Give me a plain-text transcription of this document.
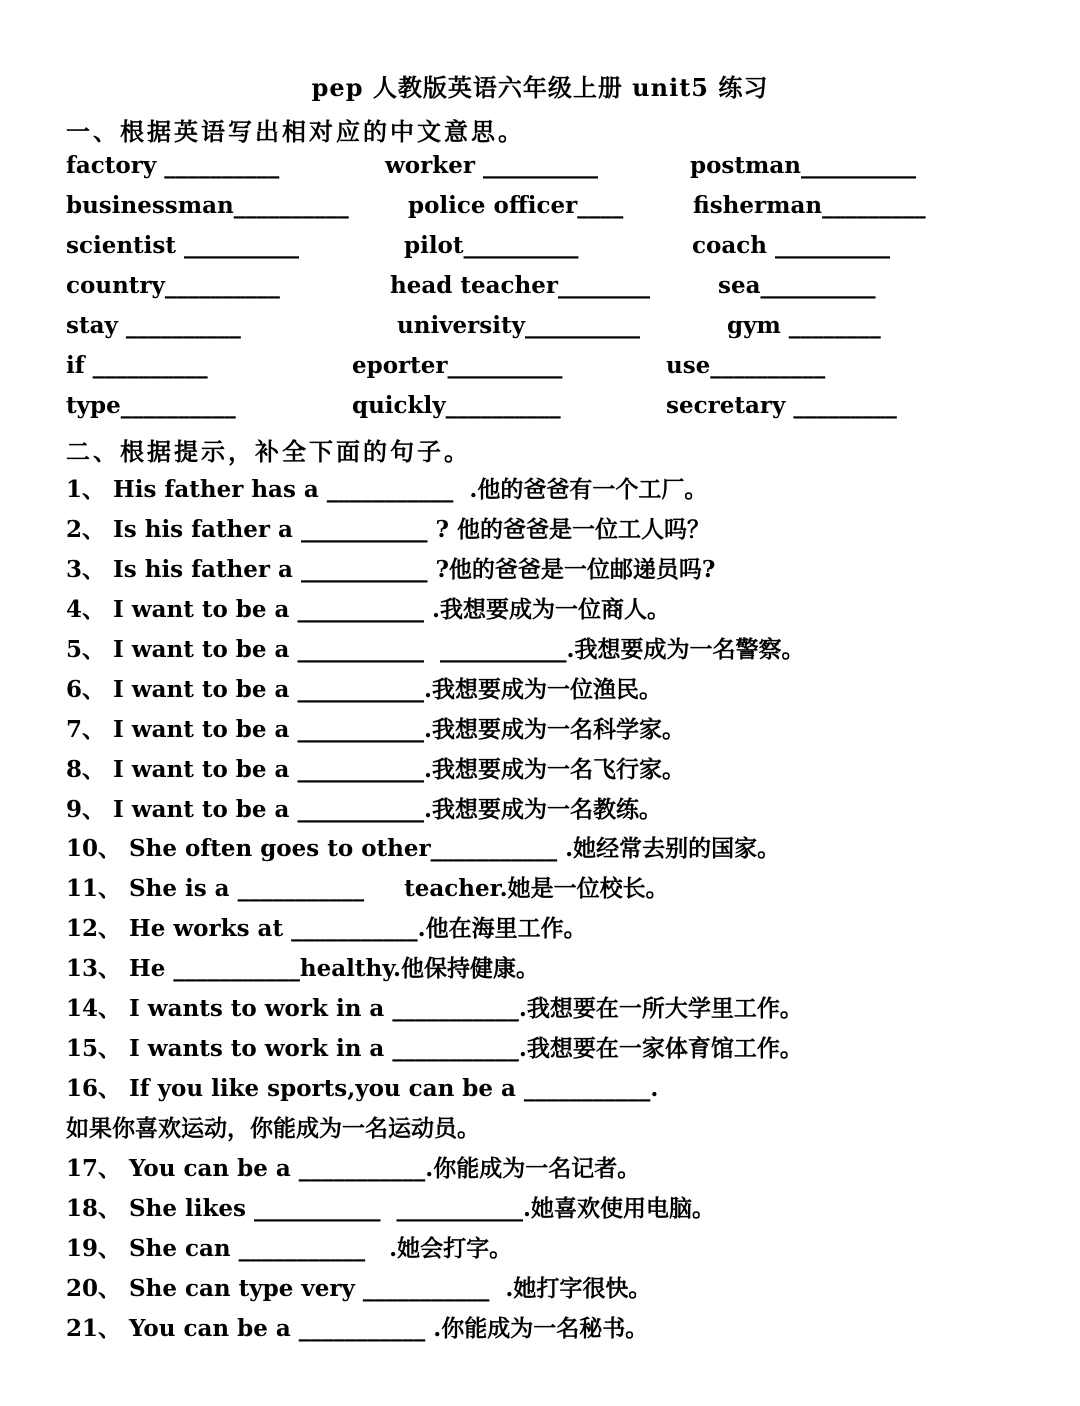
pep 人教版英语六年级上册 unit5 练习
一、根据英语写出相对应的中文意思。
factory __________	worker __________	postman__________
businessman__________	police officer____	fisherman_________
scientist __________	pilot__________	coach __________
country__________	head teacher________	sea__________
stay __________	university__________	gym ________
if __________	eporter__________	use__________
type__________	quickly__________	secretary _________
二、根据提示，补全下面的句子。
1、 His father has a ___________  .他的爸爸有一个工厂。
2、 Is his father a ___________ ? 他的爸爸是一位工人吗？
3、 Is his father a ___________ ?他的爸爸是一位邮递员吗?
4、 I want to be a ___________ .我想要成为一位商人。
5、 I want to be a ___________  ___________.我想要成为一名警察。
6、 I want to be a ___________.我想要成为一位渔民。
7、 I want to be a ___________.我想要成为一名科学家。
8、 I want to be a ___________.我想要成为一名飞行家。
9、 I want to be a ___________.我想要成为一名教练。
10、 She often goes to other___________ .她经常去别的国家。
11、 She is a ___________     teacher.她是一位校长。
12、 He works at ___________.他在海里工作。
13、 He ___________healthy.他保持健康。
14、 I wants to work in a ___________.我想要在一所大学里工作。
15、 I wants to work in a ___________.我想要在一家体育馆工作。
16、 If you like sports,you can be a ___________.
如果你喜欢运动，你能成为一名运动员。
17、 You can be a ___________.你能成为一名记者。
18、 She likes ___________  ___________.她喜欢使用电脑。
19、 She can ___________   .她会打字。
20、 She can type very ___________  .她打字很快。
21、 You can be a ___________ .你能成为一名秘书。
